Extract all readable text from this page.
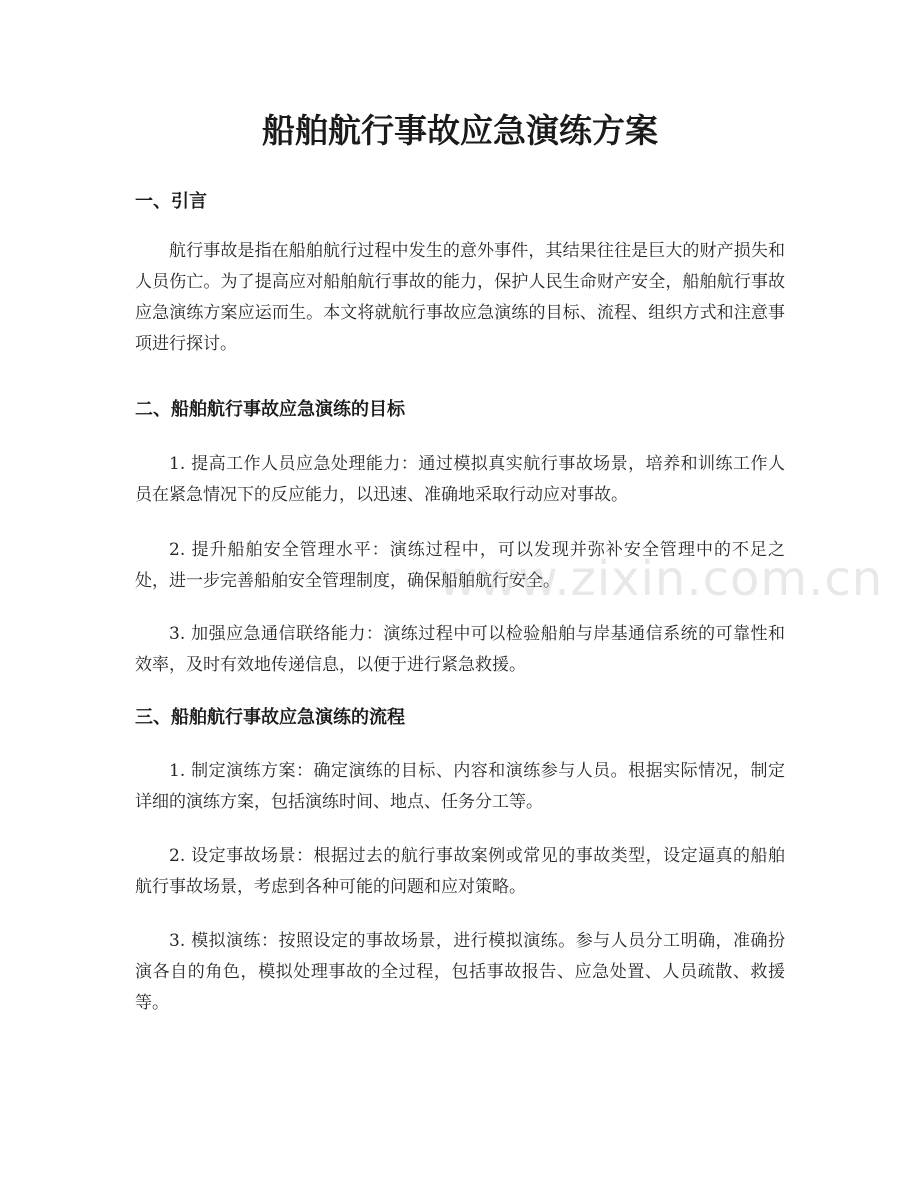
船舶航行事故应急演练方案
一、引言

航行事故是指在船舶航行过程中发生的意外事件，其结果往往是巨大的财产损失和人员伤亡。为了提高应对船舶航行事故的能力，保护人民生命财产安全，船舶航行事故应急演练方案应运而生。本文将就航行事故应急演练的目标、流程、组织方式和注意事项进行探讨。

二、船舶航行事故应急演练的目标

1. 提高工作人员应急处理能力：通过模拟真实航行事故场景，培养和训练工作人员在紧急情况下的反应能力，以迅速、准确地采取行动应对事故。

2. 提升船舶安全管理水平：演练过程中，可以发现并弥补安全管理中的不足之处，进一步完善船舶安全管理制度，确保船舶航行安全。

3. 加强应急通信联络能力：演练过程中可以检验船舶与岸基通信系统的可靠性和效率，及时有效地传递信息，以便于进行紧急救援。

三、船舶航行事故应急演练的流程

1. 制定演练方案：确定演练的目标、内容和演练参与人员。根据实际情况，制定详细的演练方案，包括演练时间、地点、任务分工等。

2. 设定事故场景：根据过去的航行事故案例或常见的事故类型，设定逼真的船舶航行事故场景，考虑到各种可能的问题和应对策略。

3. 模拟演练：按照设定的事故场景，进行模拟演练。参与人员分工明确，准确扮演各自的角色，模拟处理事故的全过程，包括事故报告、应急处置、人员疏散、救援等。

www.zixin.com.cn
